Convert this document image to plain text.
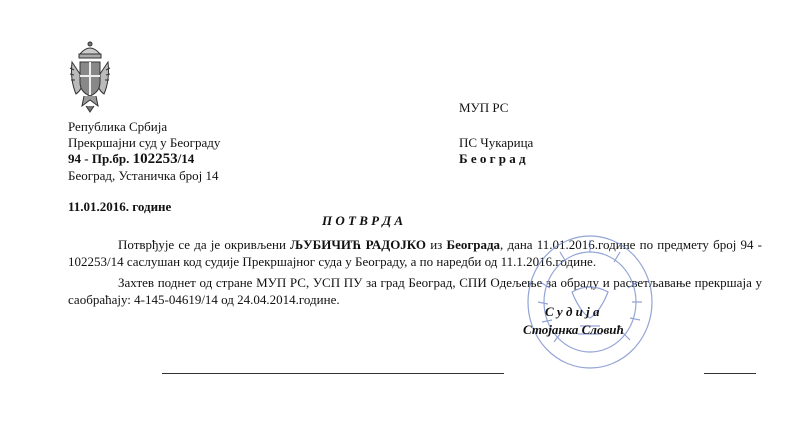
Република Србија
Прекршајни суд у Београду
94 - Пр.бр. 102253/14
Београд, Устаничка број 14
МУП РС
ПС Чукарица
Б е о г р а д
11.01.2016. године
П О Т В Р Д А
Потврђује се да је окривљени ЉУБИЧИЋ РАДОЈКО из Београда, дана 11.01.2016.године по предмету број 94 - 102253/14 саслушан код судије Прекршајног суда у Београду, а по наредби од 11.1.2016.године.
Захтев поднет од стране МУП РС, УСП ПУ за град Београд, СПИ Одељење за обраду и расветљавање прекршаја у саобраћају: 4-145-04619/14 од 24.04.2014.године.
С у д и ј а
Стојанка Словић
